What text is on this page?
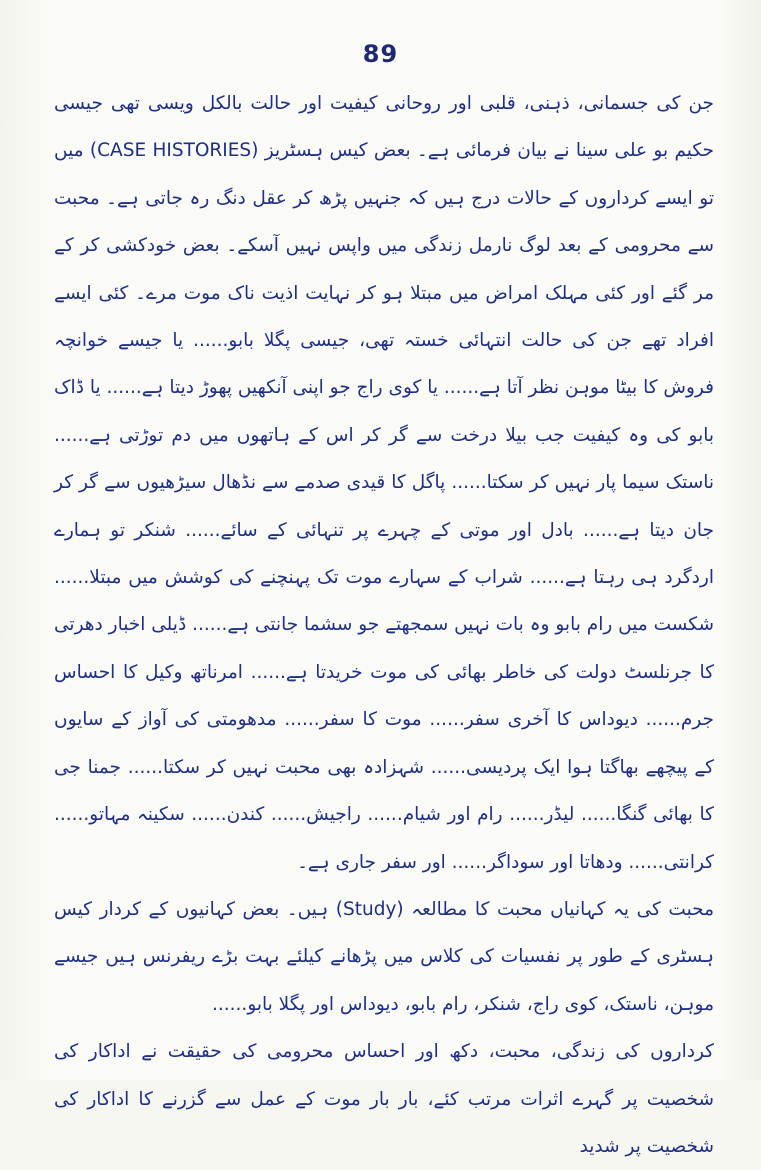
89

جن کی جسمانی، ذہنی، قلبی اور روحانی کیفیت اور حالت بالکل ویسی تھی جیسی حکیم بو علی سینا نے بیان فرمائی ہے۔ بعض کیس ہسٹریز (CASE HISTORIES) میں تو ایسے کرداروں کے حالات درج ہیں کہ جنہیں پڑھ کر عقل دنگ رہ جاتی ہے۔ محبت سے محرومی کے بعد لوگ نارمل زندگی میں واپس نہیں آسکے۔ بعض خودکشی کر کے مر گئے اور کئی مہلک امراض میں مبتلا ہو کر نہایت اذیت ناک موت مرے۔ کئی ایسے افراد تھے جن کی حالت انتہائی خستہ تھی، جیسی پگلا بابو...... یا جیسے خوانچہ فروش کا بیٹا موہن نظر آتا ہے...... یا کوی راج جو اپنی آنکھیں پھوڑ دیتا ہے...... یا ڈاک بابو کی وہ کیفیت جب بیلا درخت سے گر کر اس کے ہاتھوں میں دم توڑتی ہے...... ناستک سیما پار نہیں کر سکتا...... پاگل کا قیدی صدمے سے نڈھال سیڑھیوں سے گر کر جان دیتا ہے...... بادل اور موتی کے چہرے پر تنہائی کے سائے...... شنکر تو ہمارے اردگرد ہی رہتا ہے...... شراب کے سہارے موت تک پہنچنے کی کوشش میں مبتلا...... شکست میں رام بابو وہ بات نہیں سمجھتے جو سشما جانتی ہے...... ڈیلی اخبار دھرتی کا جرنلسٹ دولت کی خاطر بھائی کی موت خریدتا ہے...... امرناتھ وکیل کا احساس جرم...... دیوداس کا آخری سفر...... موت کا سفر...... مدھومتی کی آواز کے سایوں کے پیچھے بھاگتا ہوا ایک پردیسی...... شہزادہ بھی محبت نہیں کر سکتا...... جمنا جی کا بھائی گنگا...... لیڈر...... رام اور شیام...... راجیش...... کندن...... سکینہ مہاتو...... کرانتی...... ودھاتا اور سوداگر...... اور سفر جاری ہے۔

محبت کی یہ کہانیاں محبت کا مطالعہ (Study) ہیں۔ بعض کہانیوں کے کردار کیس ہسٹری کے طور پر نفسیات کی کلاس میں پڑھانے کیلئے بہت بڑے ریفرنس ہیں جیسے موہن، ناستک، کوی راج، شنکر، رام بابو، دیوداس اور پگلا بابو......

کرداروں کی زندگی، محبت، دکھ اور احساس محرومی کی حقیقت نے اداکار کی شخصیت پر گہرے اثرات مرتب کئے، بار بار موت کے عمل سے گزرنے کا اداکار کی شخصیت پر شدید
